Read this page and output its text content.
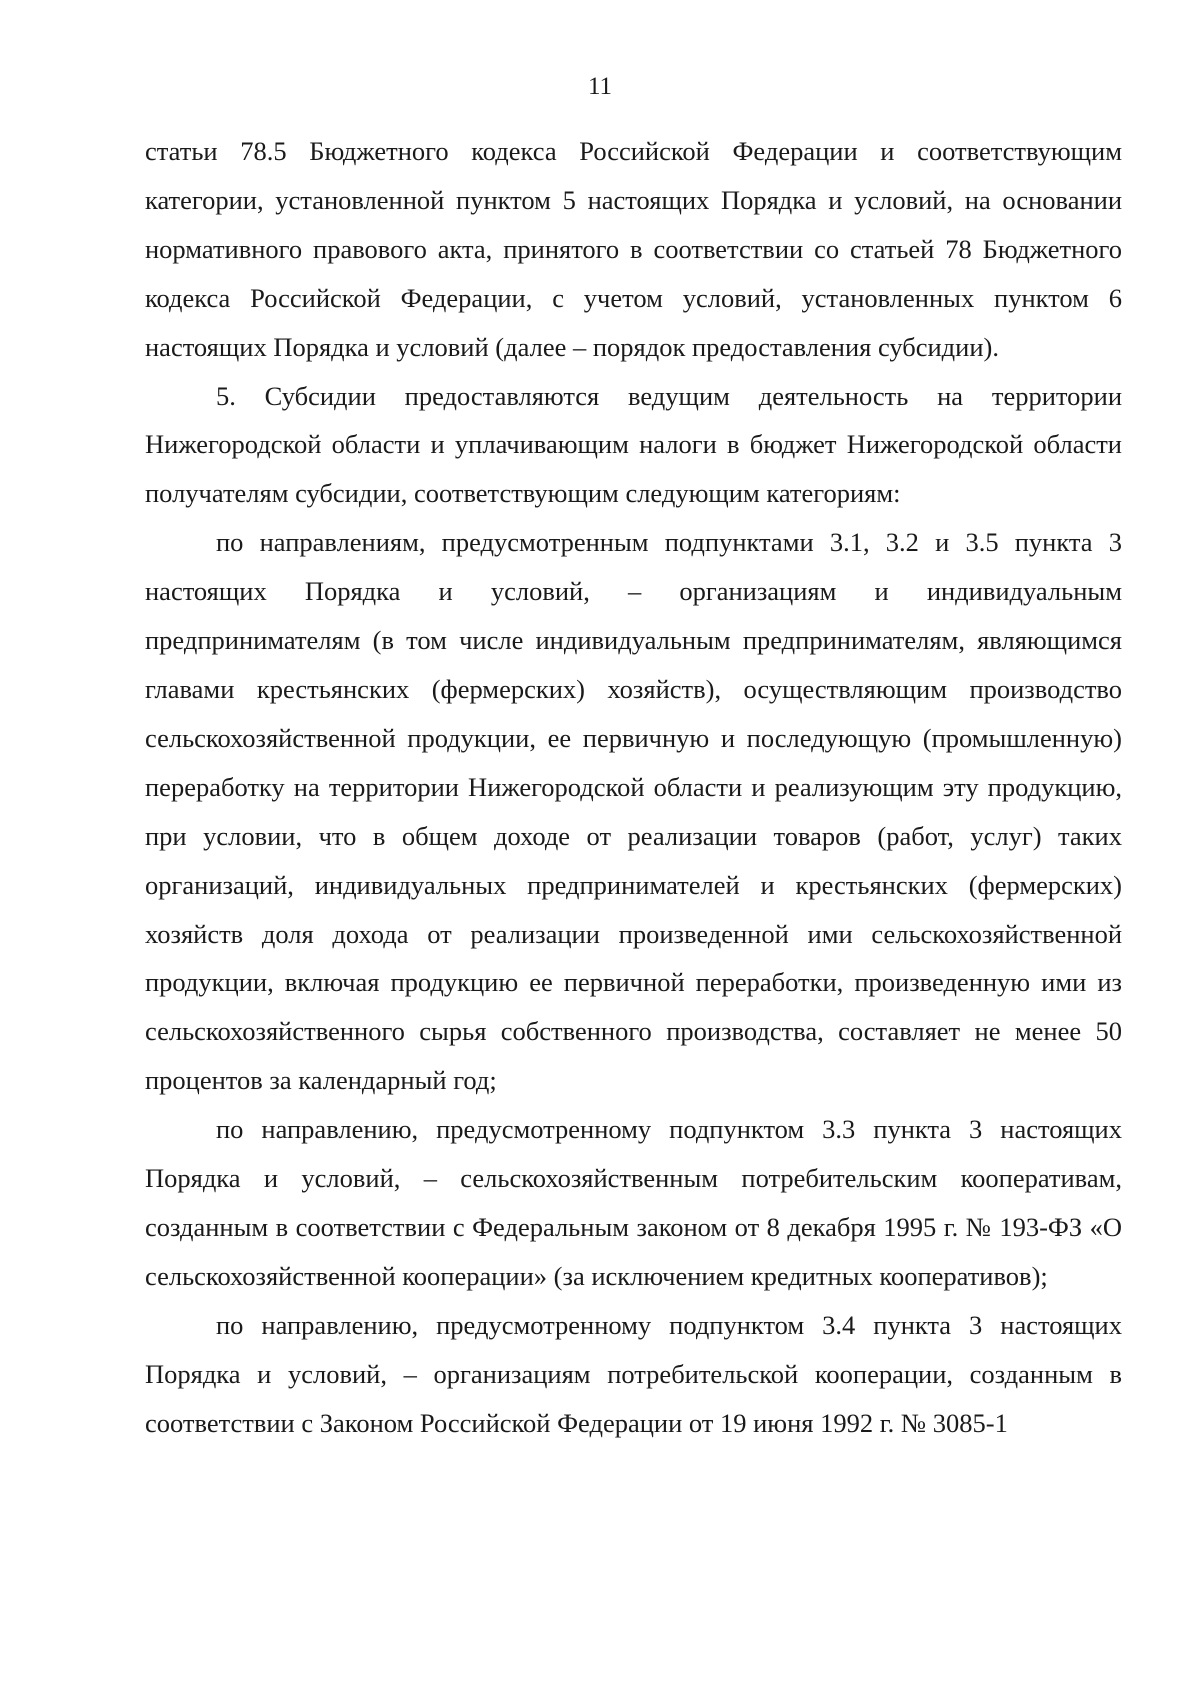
11

статьи 78.5 Бюджетного кодекса Российской Федерации и соответствующим категории, установленной пунктом 5 настоящих Порядка и условий, на основании нормативного правового акта, принятого в соответствии со статьей 78 Бюджетного кодекса Российской Федерации, с учетом условий, установленных пунктом 6 настоящих Порядка и условий (далее – порядок предоставления субсидии).

5. Субсидии предоставляются ведущим деятельность на территории Нижегородской области и уплачивающим налоги в бюджет Нижегородской области получателям субсидии, соответствующим следующим категориям:

по направлениям, предусмотренным подпунктами 3.1, 3.2 и 3.5 пункта 3 настоящих Порядка и условий, – организациям и индивидуальным предпринимателям (в том числе индивидуальным предпринимателям, являющимся главами крестьянских (фермерских) хозяйств), осуществляющим производство сельскохозяйственной продукции, ее первичную и последующую (промышленную) переработку на территории Нижегородской области и реализующим эту продукцию, при условии, что в общем доходе от реализации товаров (работ, услуг) таких организаций, индивидуальных предпринимателей и крестьянских (фермерских) хозяйств доля дохода от реализации произведенной ими сельскохозяйственной продукции, включая продукцию ее первичной переработки, произведенную ими из сельскохозяйственного сырья собственного производства, составляет не менее 50 процентов за календарный год;

по направлению, предусмотренному подпунктом 3.3 пункта 3 настоящих Порядка и условий, – сельскохозяйственным потребительским кооперативам, созданным в соответствии с Федеральным законом от 8 декабря 1995 г. № 193-ФЗ «О сельскохозяйственной кооперации» (за исключением кредитных кооперативов);

по направлению, предусмотренному подпунктом 3.4 пункта 3 настоящих Порядка и условий, – организациям потребительской кооперации, созданным в соответствии с Законом Российской Федерации от 19 июня 1992 г. № 3085-1
